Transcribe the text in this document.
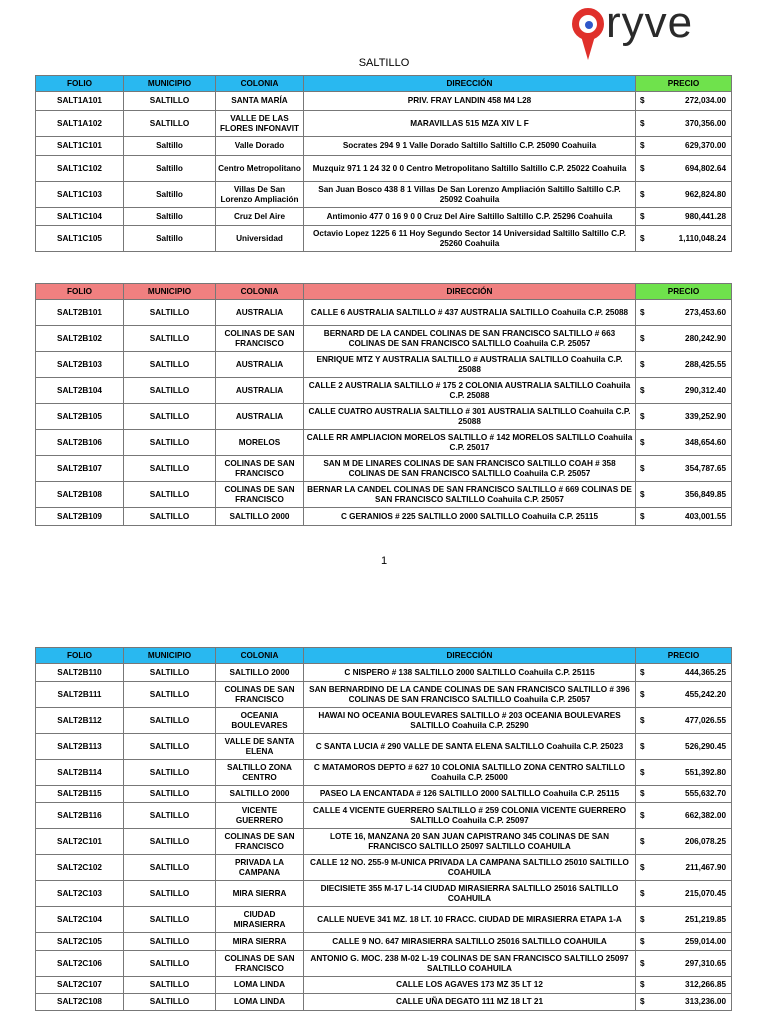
ryve
SALTILLO
FOLIO	MUNICIPIO	COLONIA	DIRECCIÓN	PRECIO
SALT1A101	SALTILLO	SANTA MARÍA	PRIV. FRAY LANDIN 458 M4 L28	$ 272,034.00
SALT1A102	SALTILLO	VALLE DE LAS FLORES INFONAVIT	MARAVILLAS 515 MZA XIV L F	$ 370,356.00
SALT1C101	Saltillo	Valle Dorado	Socrates 294 9 1 Valle Dorado Saltillo Saltillo C.P. 25090 Coahuila	$ 629,370.00
SALT1C102	Saltillo	Centro Metropolitano	Muzquiz 971 1 24 32 0 0 Centro Metropolitano Saltillo Saltillo C.P. 25022 Coahuila	$ 694,802.64
SALT1C103	Saltillo	Villas De San Lorenzo Ampliación	San Juan Bosco 438 8 1 Villas De San Lorenzo Ampliación Saltillo Saltillo C.P. 25092 Coahuila	$ 962,824.80
SALT1C104	Saltillo	Cruz Del Aire	Antimonio 477 0 16 9 0 0 Cruz Del Aire Saltillo Saltillo C.P. 25296 Coahuila	$ 980,441.28
SALT1C105	Saltillo	Universidad	Octavio Lopez 1225 6 11 Hoy Segundo Sector 14 Universidad Saltillo Saltillo C.P. 25260 Coahuila	$ 1,110,048.24
FOLIO	MUNICIPIO	COLONIA	DIRECCIÓN	PRECIO
SALT2B101	SALTILLO	AUSTRALIA	CALLE 6 AUSTRALIA SALTILLO # 437 AUSTRALIA SALTILLO Coahuila C.P. 25088	$ 273,453.60
SALT2B102	SALTILLO	COLINAS DE SAN FRANCISCO	BERNARD DE LA CANDEL COLINAS DE SAN FRANCISCO SALTILLO # 663 COLINAS DE SAN FRANCISCO SALTILLO Coahuila C.P. 25057	$ 280,242.90
SALT2B103	SALTILLO	AUSTRALIA	ENRIQUE MTZ Y AUSTRALIA SALTILLO # AUSTRALIA SALTILLO Coahuila C.P. 25088	$ 288,425.55
SALT2B104	SALTILLO	AUSTRALIA	CALLE 2 AUSTRALIA SALTILLO # 175 2 COLONIA AUSTRALIA SALTILLO Coahuila C.P. 25088	$ 290,312.40
SALT2B105	SALTILLO	AUSTRALIA	CALLE CUATRO AUSTRALIA SALTILLO # 301 AUSTRALIA SALTILLO Coahuila C.P. 25088	$ 339,252.90
SALT2B106	SALTILLO	MORELOS	CALLE RR AMPLIACION MORELOS SALTILLO # 142 MORELOS SALTILLO Coahuila C.P. 25017	$ 348,654.60
SALT2B107	SALTILLO	COLINAS DE SAN FRANCISCO	SAN M DE LINARES COLINAS DE SAN FRANCISCO SALTILLO COAH # 358 COLINAS DE SAN FRANCISCO SALTILLO Coahuila C.P. 25057	$ 354,787.65
SALT2B108	SALTILLO	COLINAS DE SAN FRANCISCO	BERNAR LA CANDEL COLINAS DE SAN FRANCISCO SALTILLO # 669 COLINAS DE SAN FRANCISCO SALTILLO Coahuila C.P. 25057	$ 356,849.85
SALT2B109	SALTILLO	SALTILLO 2000	C GERANIOS # 225 SALTILLO 2000 SALTILLO Coahuila C.P. 25115	$ 403,001.55
1
FOLIO	MUNICIPIO	COLONIA	DIRECCIÓN	PRECIO
SALT2B110	SALTILLO	SALTILLO 2000	C NISPERO # 138 SALTILLO 2000 SALTILLO Coahuila C.P. 25115	$ 444,365.25
SALT2B111	SALTILLO	COLINAS DE SAN FRANCISCO	SAN BERNARDINO DE LA CANDE COLINAS DE SAN FRANCISCO SALTILLO # 396 COLINAS DE SAN FRANCISCO SALTILLO Coahuila C.P. 25057	$ 455,242.20
SALT2B112	SALTILLO	OCEANIA BOULEVARES	HAWAI NO OCEANIA BOULEVARES SALTILLO # 203 OCEANIA BOULEVARES SALTILLO Coahuila C.P. 25290	$ 477,026.55
SALT2B113	SALTILLO	VALLE DE SANTA ELENA	C SANTA LUCIA # 290 VALLE DE SANTA ELENA SALTILLO Coahuila C.P. 25023	$ 526,290.45
SALT2B114	SALTILLO	SALTILLO ZONA CENTRO	C MATAMOROS DEPTO # 627 10 COLONIA SALTILLO ZONA CENTRO SALTILLO Coahuila C.P. 25000	$ 551,392.80
SALT2B115	SALTILLO	SALTILLO 2000	PASEO LA ENCANTADA # 126 SALTILLO 2000 SALTILLO Coahuila C.P. 25115	$ 555,632.70
SALT2B116	SALTILLO	VICENTE GUERRERO	CALLE 4 VICENTE GUERRERO SALTILLO # 259 COLONIA VICENTE GUERRERO SALTILLO Coahuila C.P. 25097	$ 662,382.00
SALT2C101	SALTILLO	COLINAS DE SAN FRANCISCO	LOTE 16, MANZANA 20 SAN JUAN CAPISTRANO 345 COLINAS DE SAN FRANCISCO SALTILLO 25097 SALTILLO COAHUILA	$ 206,078.25
SALT2C102	SALTILLO	PRIVADA LA CAMPANA	CALLE 12 NO. 255-9 M-UNICA PRIVADA LA CAMPANA SALTILLO 25010 SALTILLO COAHUILA	$ 211,467.90
SALT2C103	SALTILLO	MIRA SIERRA	DIECISIETE 355 M-17 L-14 CIUDAD MIRASIERRA SALTILLO 25016 SALTILLO COAHUILA	$ 215,070.45
SALT2C104	SALTILLO	CIUDAD MIRASIERRA	CALLE NUEVE 341 MZ. 18 LT. 10 FRACC. CIUDAD DE MIRASIERRA ETAPA 1-A	$ 251,219.85
SALT2C105	SALTILLO	MIRA SIERRA	CALLE 9 NO. 647 MIRASIERRA SALTILLO 25016 SALTILLO COAHUILA	$ 259,014.00
SALT2C106	SALTILLO	COLINAS DE SAN FRANCISCO	ANTONIO G. MOC. 238 M-02 L-19 COLINAS DE SAN FRANCISCO SALTILLO 25097 SALTILLO COAHUILA	$ 297,310.65
SALT2C107	SALTILLO	LOMA LINDA	CALLE LOS AGAVES 173 MZ 35 LT 12	$ 312,266.85
SALT2C108	SALTILLO	LOMA LINDA	CALLE UÑA DEGATO 111 MZ 18 LT 21	$ 313,236.00
